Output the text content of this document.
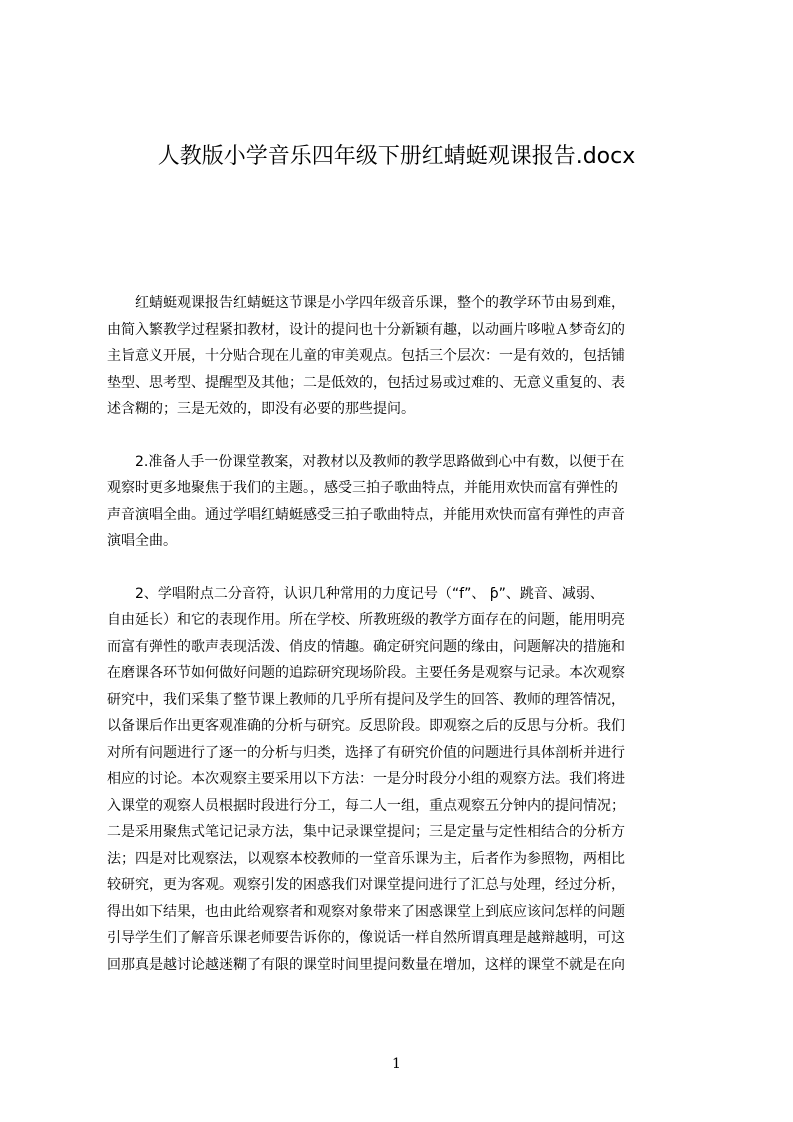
人教版小学音乐四年级下册红蜻蜓观课报告.docx

红蜻蜓观课报告红蜻蜓这节课是小学四年级音乐课，整个的教学环节由易到难，
由简入繁教学过程紧扣教材，设计的提问也十分新颖有趣，以动画片哆啦Ａ梦奇幻的
主旨意义开展，十分贴合现在儿童的审美观点。包括三个层次：一是有效的，包括铺
垫型、思考型、提醒型及其他；二是低效的，包括过易或过难的、无意义重复的、表
述含糊的；三是无效的，即没有必要的那些提问。

2.准备人手一份课堂教案，对教材以及教师的教学思路做到心中有数，以便于在
观察时更多地聚焦于我们的主题。，感受三拍子歌曲特点，并能用欢快而富有弹性的
声音演唱全曲。通过学唱红蜻蜓感受三拍子歌曲特点，并能用欢快而富有弹性的声音
演唱全曲。

2、学唱附点二分音符，认识几种常用的力度记号（“f”、 ƥ”、跳音、减弱、
自由延长）和它的表现作用。所在学校、所教班级的教学方面存在的问题，能用明亮
而富有弹性的歌声表现活泼、俏皮的情趣。确定研究问题的缘由，问题解决的措施和
在磨课各环节如何做好问题的追踪研究现场阶段。主要任务是观察与记录。本次观察
研究中，我们采集了整节课上教师的几乎所有提问及学生的回答、教师的理答情况，
以备课后作出更客观准确的分析与研究。反思阶段。即观察之后的反思与分析。我们
对所有问题进行了逐一的分析与归类，选择了有研究价值的问题进行具体剖析并进行
相应的讨论。本次观察主要采用以下方法：一是分时段分小组的观察方法。我们将进
入课堂的观察人员根据时段进行分工，每二人一组，重点观察五分钟内的提问情况；
二是采用聚焦式笔记记录方法，集中记录课堂提问；三是定量与定性相结合的分析方
法；四是对比观察法，以观察本校教师的一堂音乐课为主，后者作为参照物，两相比
较研究，更为客观。观察引发的困惑我们对课堂提问进行了汇总与处理，经过分析，
得出如下结果，也由此给观察者和观察对象带来了困惑课堂上到底应该问怎样的问题
引导学生们了解音乐课老师要告诉你的，像说话一样自然所谓真理是越辩越明，可这
回那真是越讨论越迷糊了有限的课堂时间里提问数量在增加，这样的课堂不就是在向

1
